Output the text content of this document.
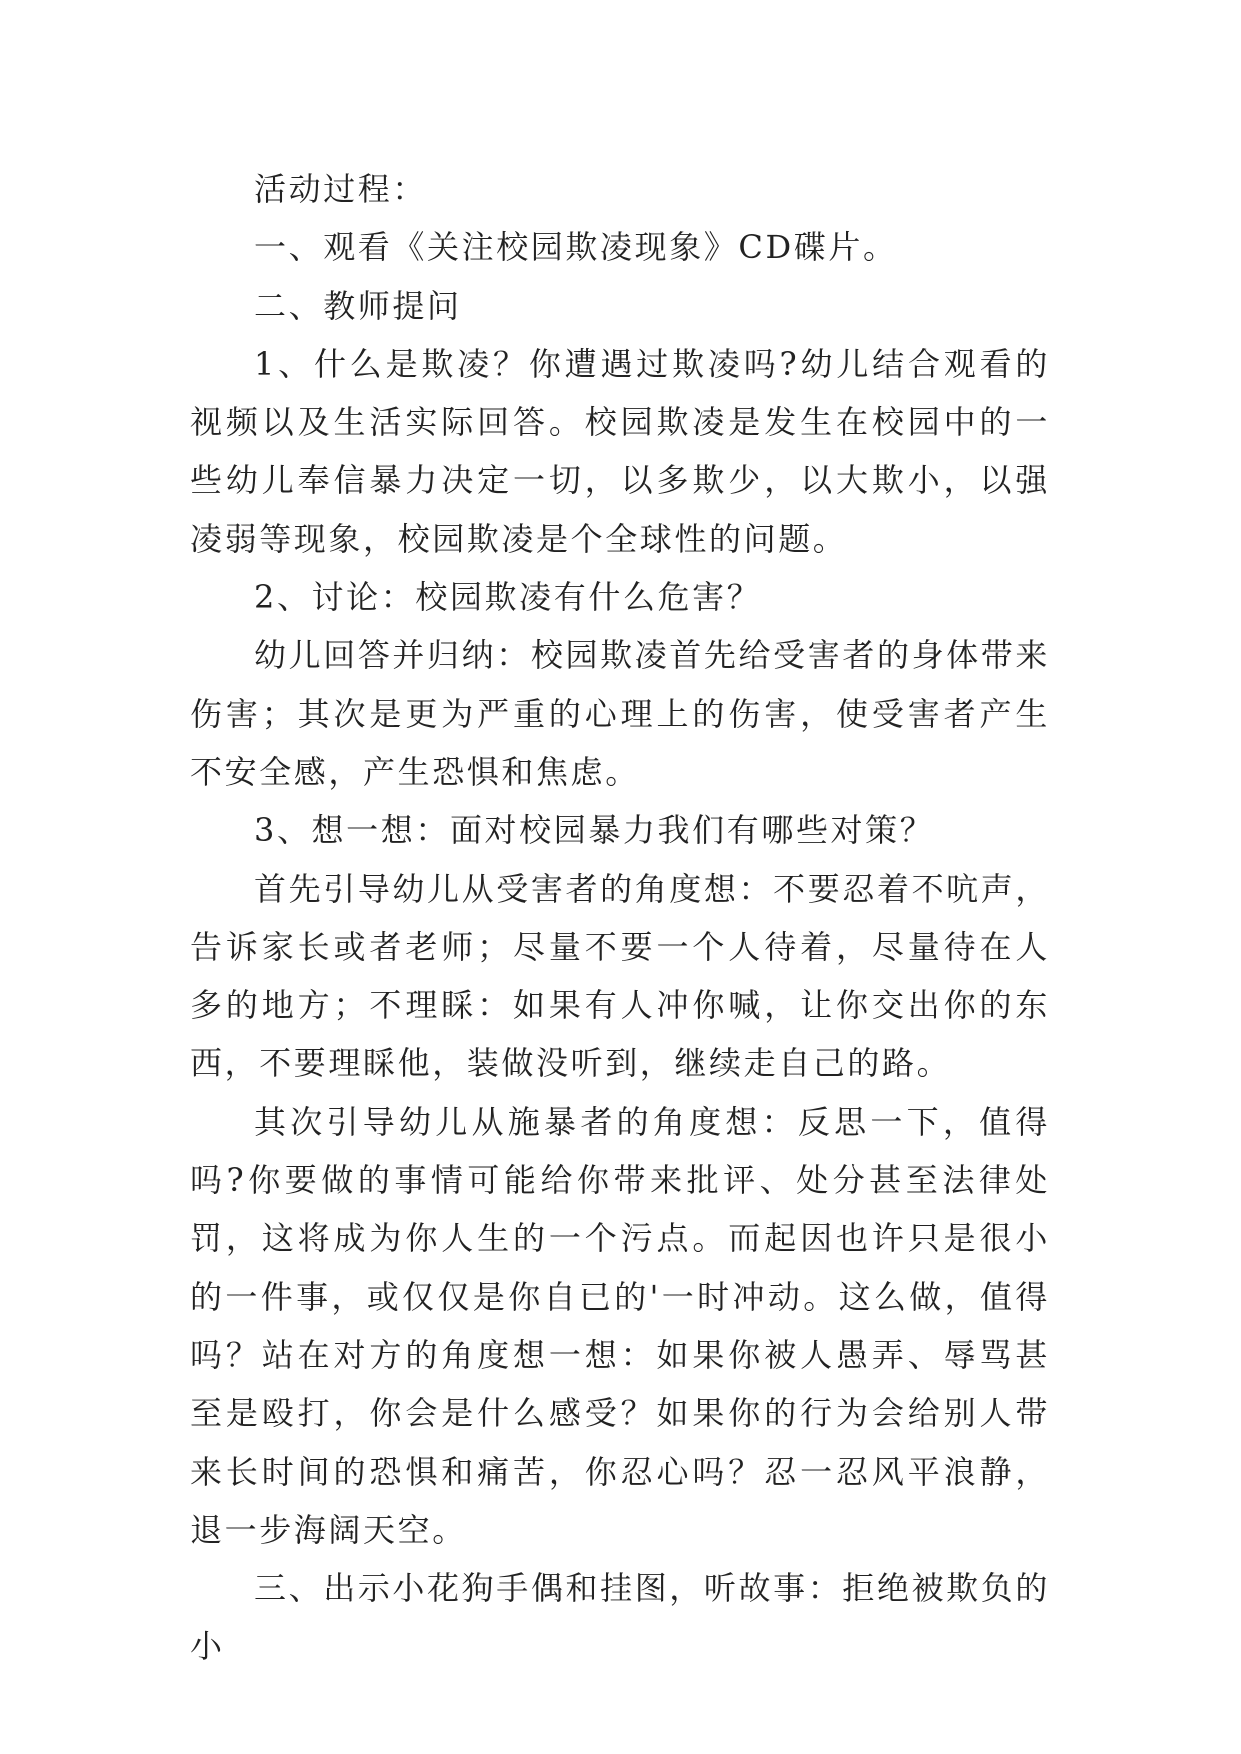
活动过程：

一、观看《关注校园欺凌现象》CD碟片。

二、教师提问

1、什么是欺凌？你遭遇过欺凌吗?幼儿结合观看的视频以及生活实际回答。校园欺凌是发生在校园中的一些幼儿奉信暴力决定一切，以多欺少，以大欺小，以强凌弱等现象，校园欺凌是个全球性的问题。

2、讨论：校园欺凌有什么危害？

幼儿回答并归纳：校园欺凌首先给受害者的身体带来伤害；其次是更为严重的心理上的伤害，使受害者产生不安全感，产生恐惧和焦虑。

3、想一想：面对校园暴力我们有哪些对策？

首先引导幼儿从受害者的角度想：不要忍着不吭声，告诉家长或者老师；尽量不要一个人待着，尽量待在人多的地方；不理睬：如果有人冲你喊，让你交出你的东西，不要理睬他，装做没听到，继续走自己的路。

其次引导幼儿从施暴者的角度想：反思一下，值得吗?你要做的事情可能给你带来批评、处分甚至法律处罚，这将成为你人生的一个污点。而起因也许只是很小的一件事，或仅仅是你自已的'一时冲动。这么做，值得吗？站在对方的角度想一想：如果你被人愚弄、辱骂甚至是殴打，你会是什么感受？如果你的行为会给别人带来长时间的恐惧和痛苦，你忍心吗？忍一忍风平浪静，退一步海阔天空。

三、出示小花狗手偶和挂图，听故事：拒绝被欺负的小
